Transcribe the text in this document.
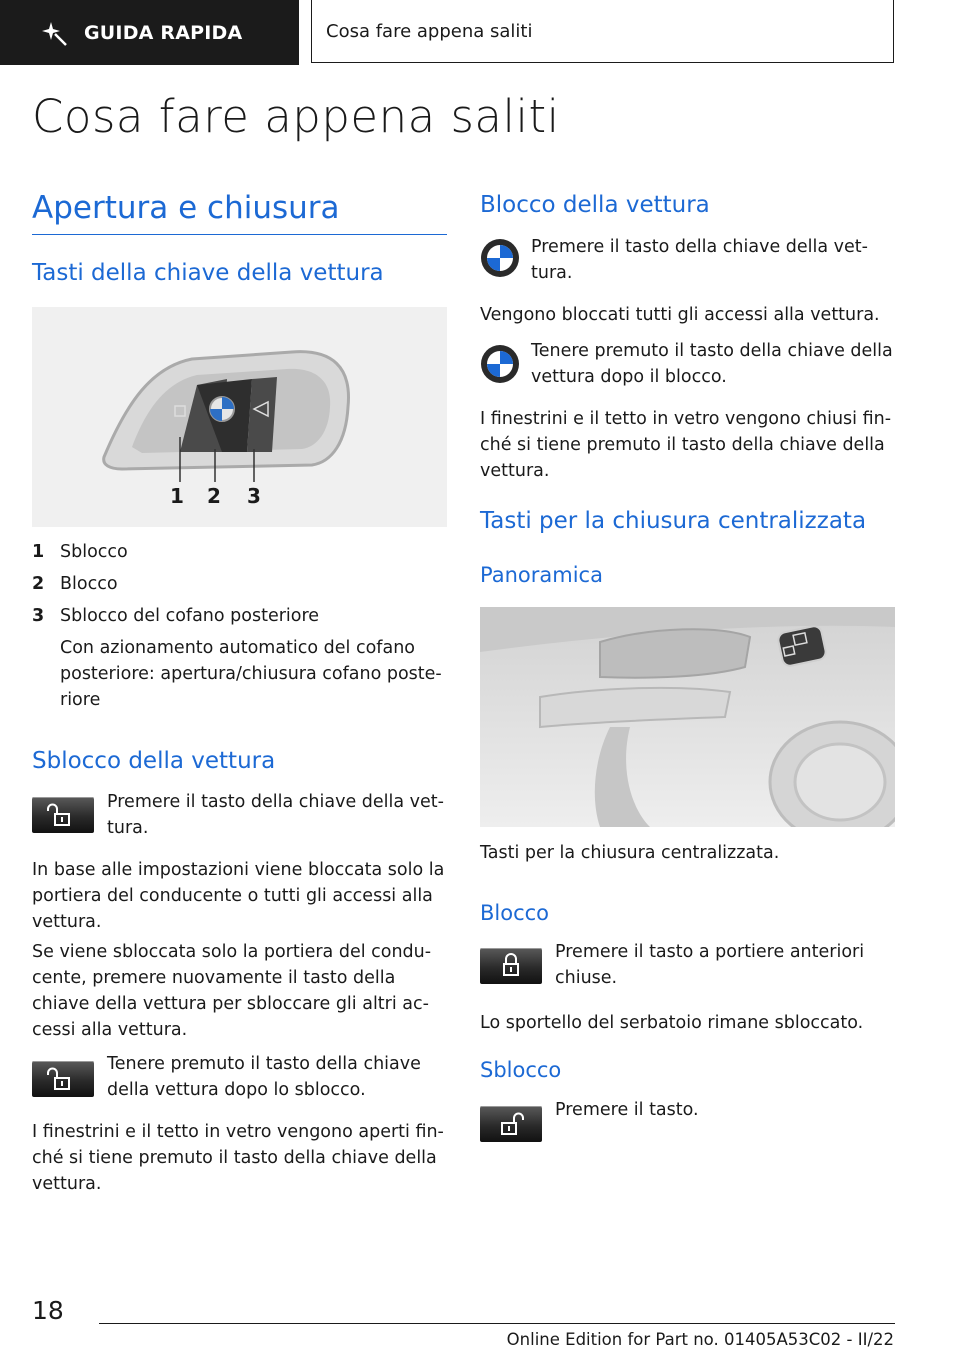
GUIDA RAPIDA	Cosa fare appena saliti
Cosa fare appena saliti
Apertura e chiusura
Tasti della chiave della vettura
1 2 3
1 Sblocco
2 Blocco
3 Sblocco del cofano posteriore

Con azionamento automatico del cofano

posteriore: apertura/chiusura cofano poste-

riore

Sblocco della vettura

Premere il tasto della chiave della vet-

tura.

In base alle impostazioni viene bloccata solo la

portiera del conducente o tutti gli accessi alla

vettura.

Se viene sbloccata solo la portiera del condu-

cente, premere nuovamente il tasto della

chiave della vettura per sbloccare gli altri ac-

cessi alla vettura.

Tenere premuto il tasto della chiave

della vettura dopo lo sblocco.

I finestrini e il tetto in vetro vengono aperti fin-

ché si tiene premuto il tasto della chiave della

vettura.

Blocco della vettura

Premere il tasto della chiave della vet-

tura.

Vengono bloccati tutti gli accessi alla vettura.

Tenere premuto il tasto della chiave della

vettura dopo il blocco.

I finestrini e il tetto in vetro vengono chiusi fin-

ché si tiene premuto il tasto della chiave della

vettura.

Tasti per la chiusura centralizzata
Panoramica

Tasti per la chiusura centralizzata.

Blocco

Premere il tasto a portiere anteriori

chiuse.

Lo sportello del serbatoio rimane sbloccato.

Sblocco

Premere il tasto.

18
Online Edition for Part no. 01405A53C02 - II/22
